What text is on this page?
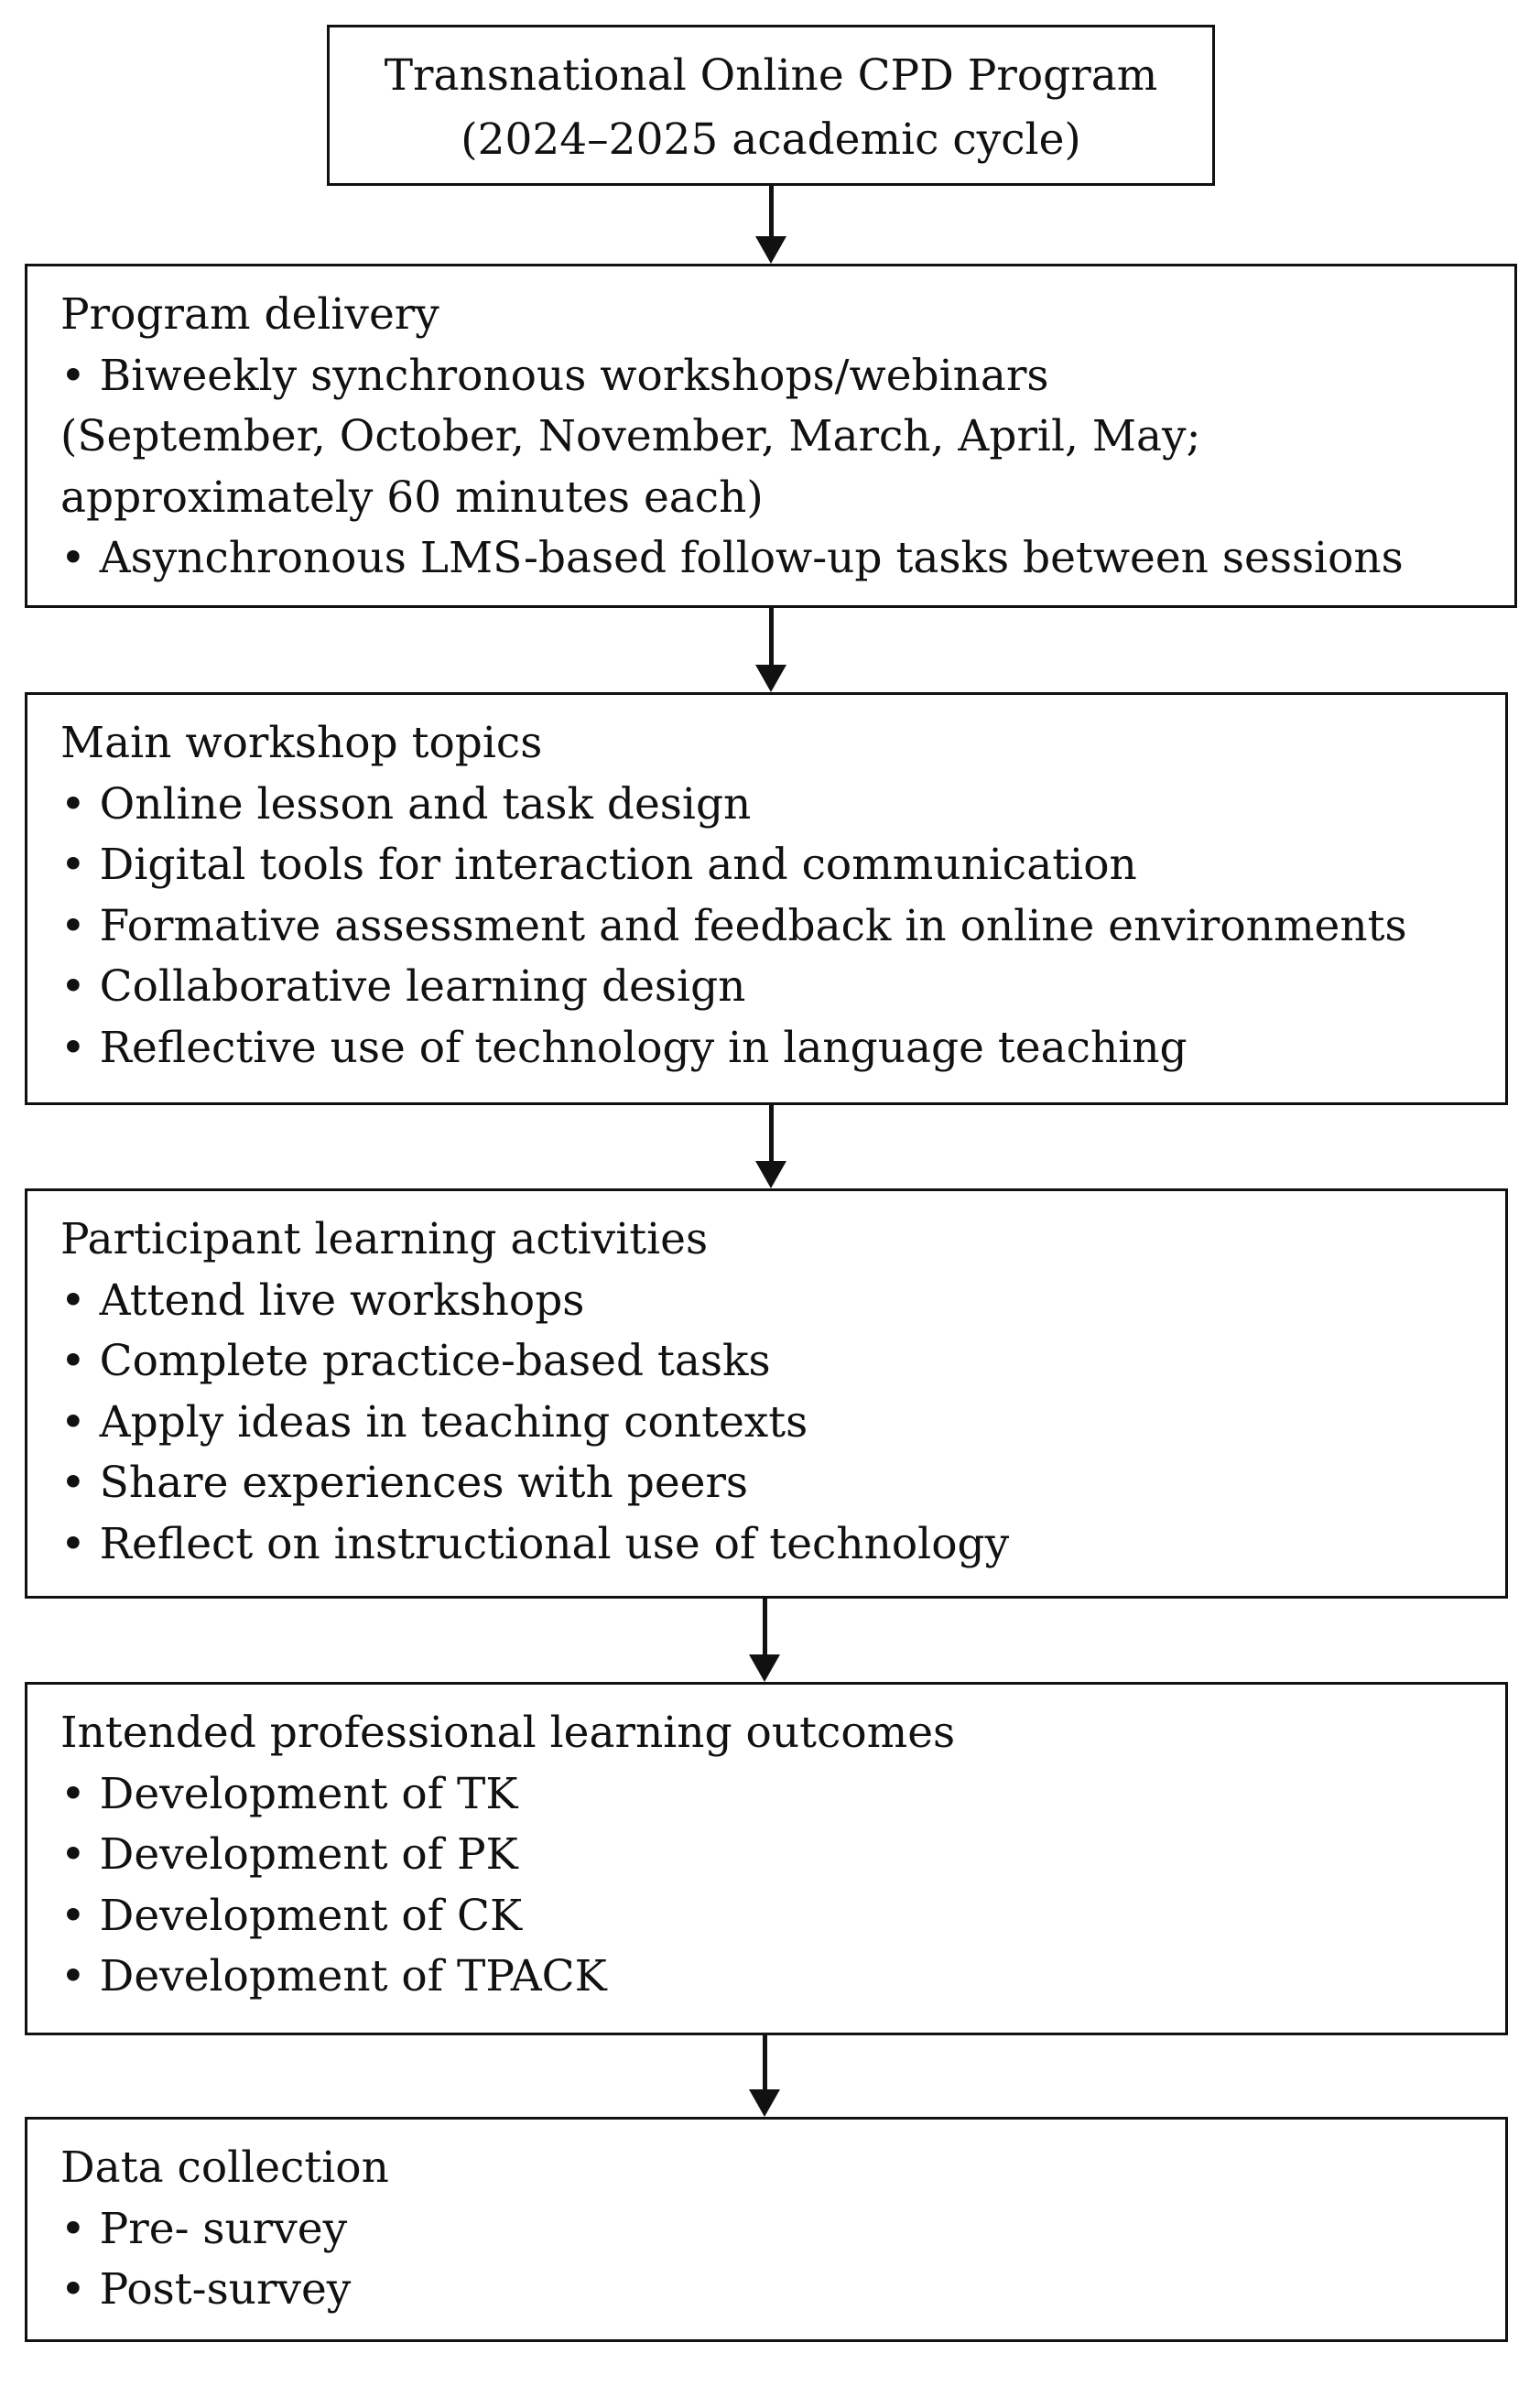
Transnational Online CPD Program
(2024–2025 academic cycle)
Program delivery
• Biweekly synchronous workshops/webinars
(September, October, November, March, April, May;
approximately 60 minutes each)
• Asynchronous LMS-based follow-up tasks between sessions
Main workshop topics
• Online lesson and task design
• Digital tools for interaction and communication
• Formative assessment and feedback in online environments
• Collaborative learning design
• Reflective use of technology in language teaching
Participant learning activities
• Attend live workshops
• Complete practice-based tasks
• Apply ideas in teaching contexts
• Share experiences with peers
• Reflect on instructional use of technology
Intended professional learning outcomes
• Development of TK
• Development of PK
• Development of CK
• Development of TPACK
Data collection
• Pre- survey
• Post-survey
